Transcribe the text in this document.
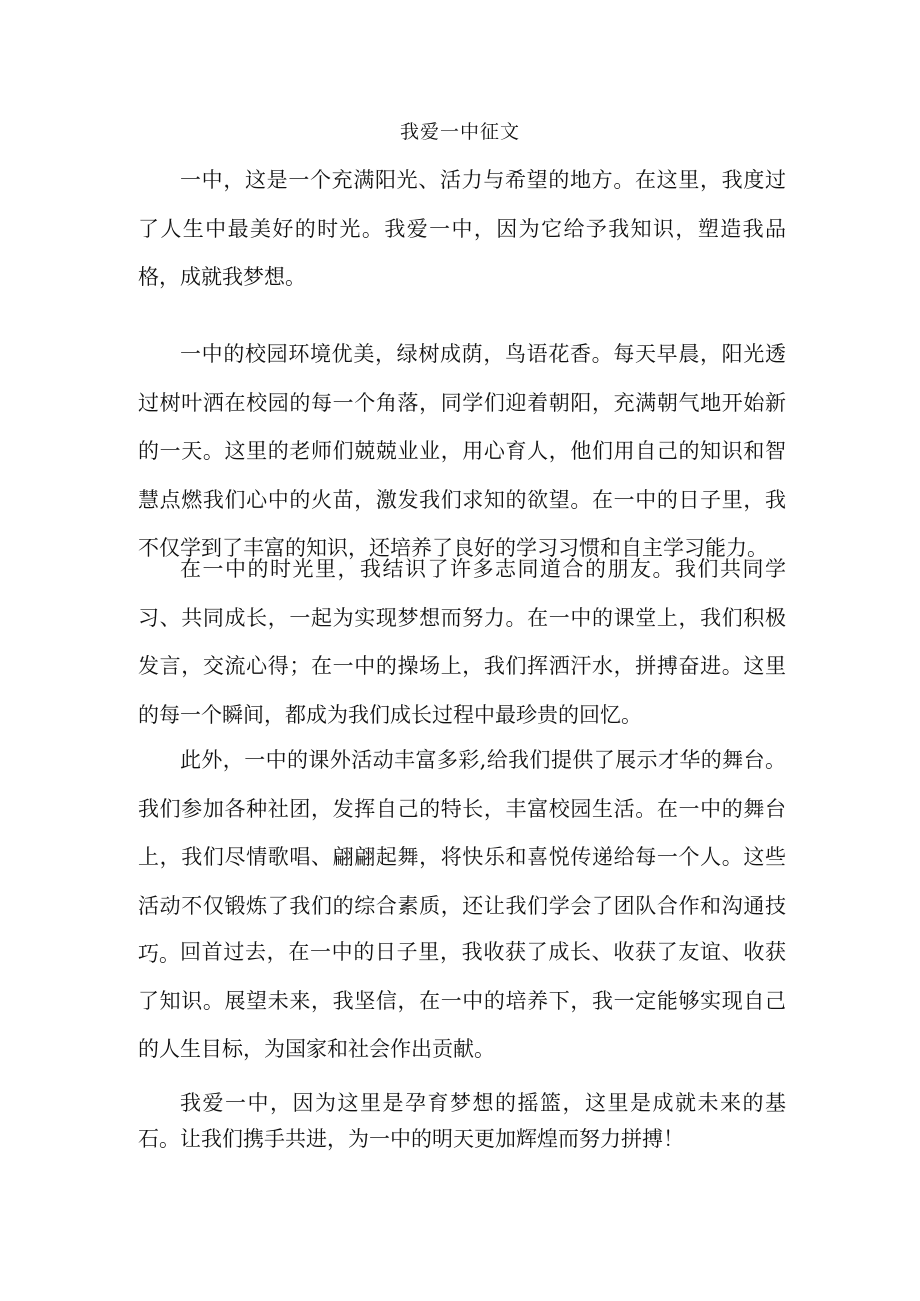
我爱一中征文

一中，这是一个充满阳光、活力与希望的地方。在这里，我度过了人生中最美好的时光。我爱一中，因为它给予我知识，塑造我品格，成就我梦想。

一中的校园环境优美，绿树成荫，鸟语花香。每天早晨，阳光透过树叶洒在校园的每一个角落，同学们迎着朝阳，充满朝气地开始新的一天。这里的老师们兢兢业业，用心育人，他们用自己的知识和智慧点燃我们心中的火苗，激发我们求知的欲望。在一中的日子里，我不仅学到了丰富的知识，还培养了良好的学习习惯和自主学习能力。

在一中的时光里，我结识了许多志同道合的朋友。我们共同学习、共同成长，一起为实现梦想而努力。在一中的课堂上，我们积极发言，交流心得；在一中的操场上，我们挥洒汗水，拼搏奋进。这里的每一个瞬间，都成为我们成长过程中最珍贵的回忆。

此外，一中的课外活动丰富多彩,给我们提供了展示才华的舞台。我们参加各种社团，发挥自己的特长，丰富校园生活。在一中的舞台上，我们尽情歌唱、翩翩起舞，将快乐和喜悦传递给每一个人。这些活动不仅锻炼了我们的综合素质，还让我们学会了团队合作和沟通技巧。 回首过去，在一中的日子里，我收获了成长、收获了友谊、收获了知识。展望未来，我坚信，在一中的培养下，我一定能够实现自己的人生目标，为国家和社会作出贡献。

我爱一中，因为这里是孕育梦想的摇篮，这里是成就未来的基石。让我们携手共进，为一中的明天更加辉煌而努力拼搏！
